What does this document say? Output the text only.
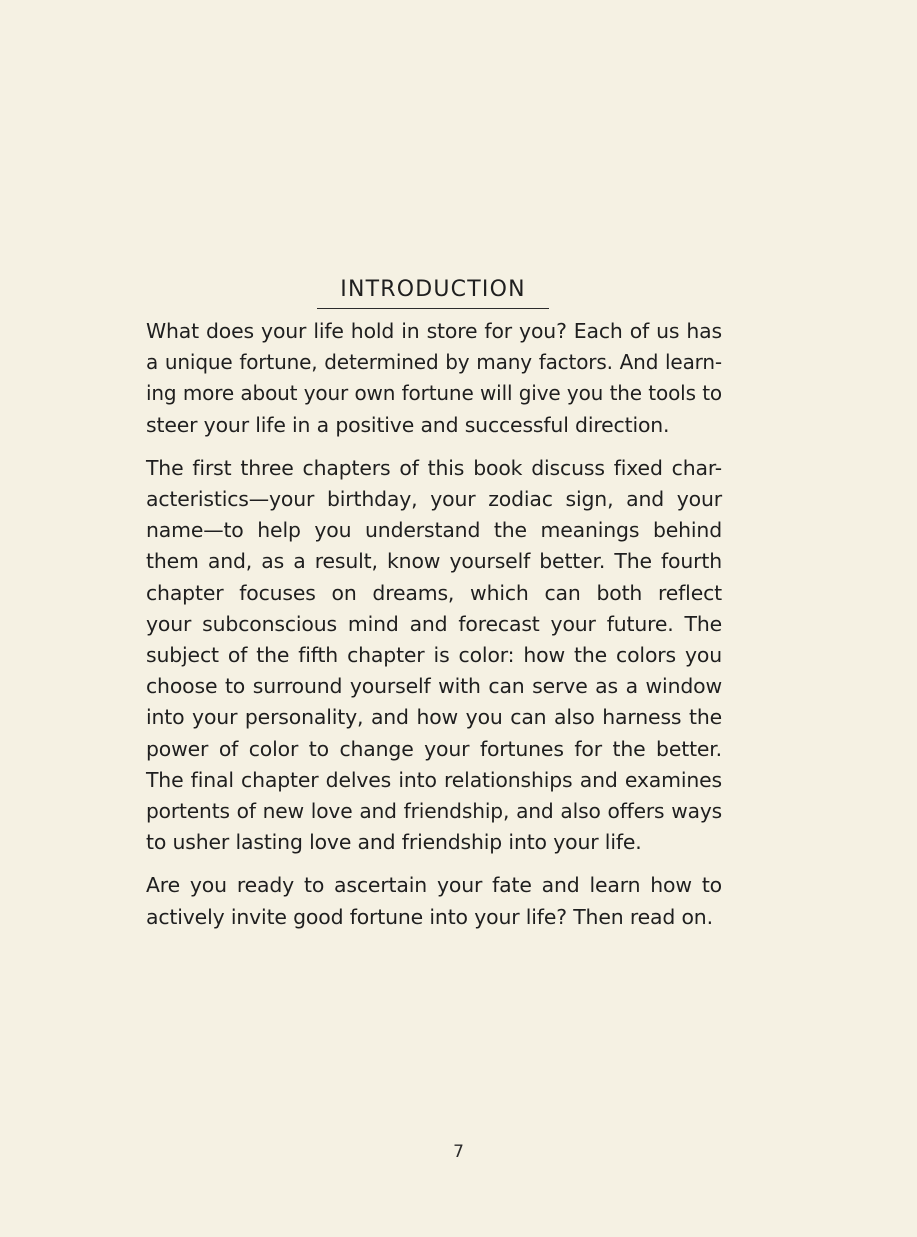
INTRODUCTION

What does your life hold in store for you? Each of us has
a unique fortune, determined by many factors. And learn-
ing more about your own fortune will give you the tools to
steer your life in a positive and successful direction.

The first three chapters of this book discuss fixed char-
acteristics—your birthday, your zodiac sign, and your
name—to help you understand the meanings behind
them and, as a result, know yourself better. The fourth
chapter focuses on dreams, which can both reflect
your subconscious mind and forecast your future. The
subject of the fifth chapter is color: how the colors you
choose to surround yourself with can serve as a window
into your personality, and how you can also harness the
power of color to change your fortunes for the better.
The final chapter delves into relationships and examines
portents of new love and friendship, and also offers ways
to usher lasting love and friendship into your life.

Are you ready to ascertain your fate and learn how to
actively invite good fortune into your life? Then read on.

7
